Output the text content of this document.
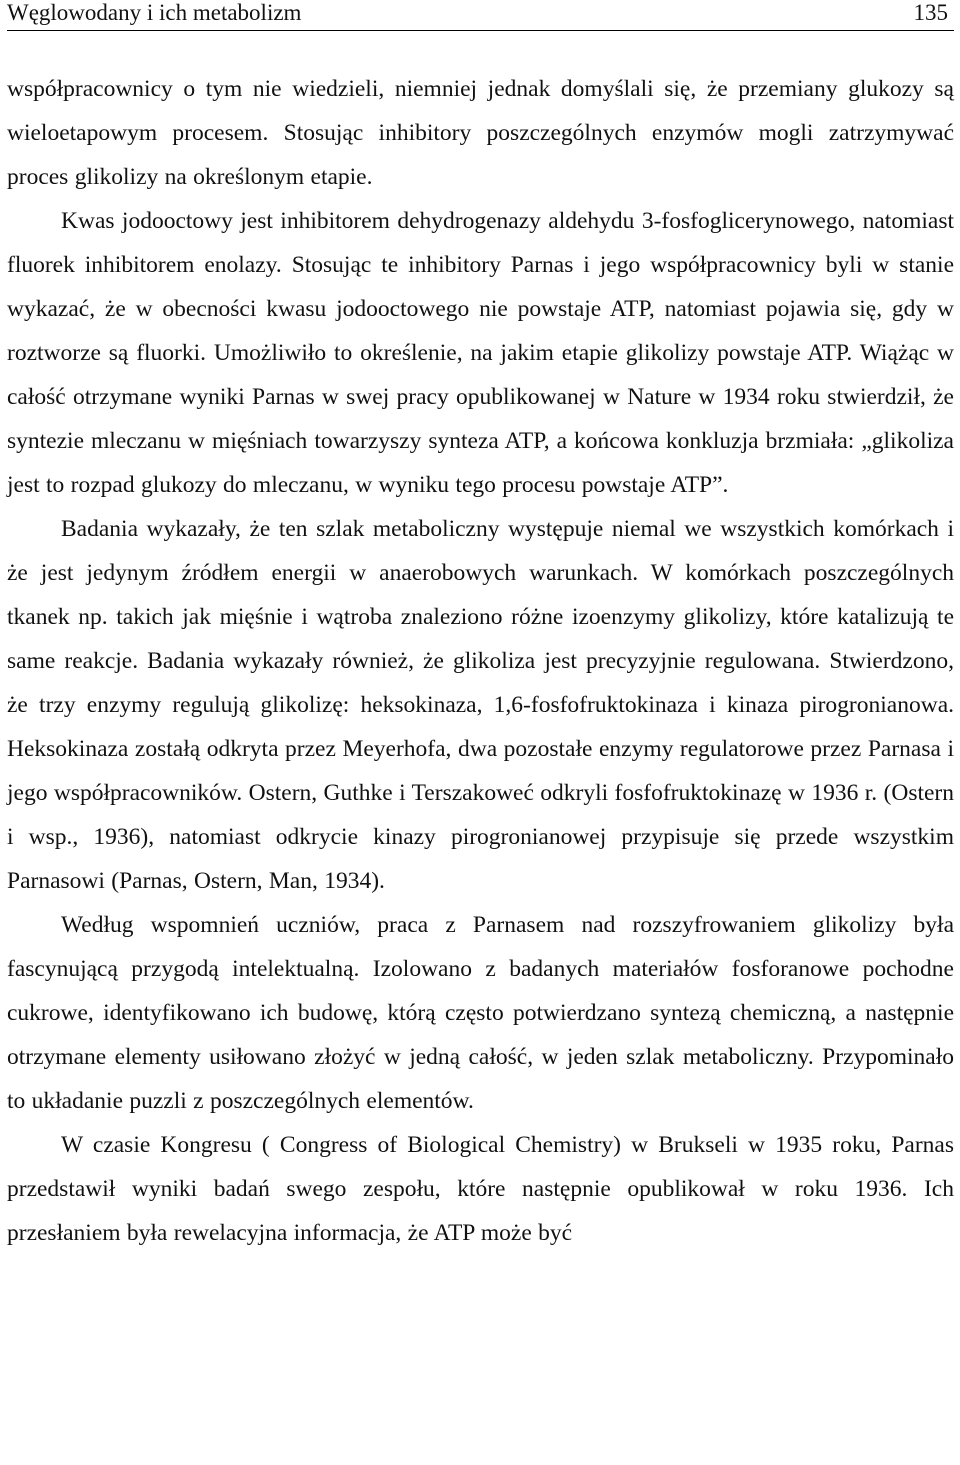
Węglowodany i ich metabolizm	135

współpracownicy o tym nie wiedzieli, niemniej jednak domyślali się, że przemiany glukozy są wieloetapowym procesem. Stosując inhibitory poszczególnych enzymów mogli zatrzymywać proces glikolizy na określonym etapie.

Kwas jodooctowy jest inhibitorem dehydrogenazy aldehydu 3-fosfoglicerynowego, natomiast fluorek inhibitorem enolazy. Stosując te inhibitory Parnas i jego współpracownicy byli w stanie wykazać, że w obecności kwasu jodooctowego nie powstaje ATP, natomiast pojawia się, gdy w roztworze są fluorki. Umożliwiło to określenie, na jakim etapie glikolizy powstaje ATP. Wiążąc w całość otrzymane wyniki Parnas w swej pracy opublikowanej w Nature w 1934 roku stwierdził, że syntezie mleczanu w mięśniach towarzyszy synteza ATP, a końcowa konkluzja brzmiała: „glikoliza jest to rozpad glukozy do mleczanu, w wyniku tego procesu powstaje ATP”.

Badania wykazały, że ten szlak metaboliczny występuje niemal we wszystkich komórkach i że jest jedynym źródłem energii w anaerobowych warunkach. W komórkach poszczególnych tkanek np. takich jak mięśnie i wątroba znaleziono różne izoenzymy glikolizy, które katalizują te same reakcje. Badania wykazały również, że glikoliza jest precyzyjnie regulowana. Stwierdzono, że trzy enzymy regulują glikolizę: heksokinaza, 1,6-fosfofruktokinaza i kinaza pirogronianowa. Heksokinaza zostałą odkryta przez Meyerhofa, dwa pozostałe enzymy regulatorowe przez Parnasa i jego współpracowników. Ostern, Guthke i Terszakoweć odkryli fosfofruktokinazę w 1936 r. (Ostern i wsp., 1936), natomiast odkrycie kinazy pirogronianowej przypisuje się przede wszystkim Parnasowi (Parnas, Ostern, Man, 1934).

Według wspomnień uczniów, praca z Parnasem nad rozszyfrowaniem glikolizy była fascynującą przygodą intelektualną. Izolowano z badanych materiałów fosforanowe pochodne cukrowe, identyfikowano ich budowę, którą często potwierdzano syntezą chemiczną, a następnie otrzymane elementy usiłowano złożyć w jedną całość, w jeden szlak metaboliczny. Przypominało to układanie puzzli z poszczególnych elementów.

W czasie Kongresu ( Congress of Biological Chemistry) w Brukseli w 1935 roku, Parnas przedstawił wyniki badań swego zespołu, które następnie opublikował w roku 1936. Ich przesłaniem była rewelacyjna informacja, że ATP może być
